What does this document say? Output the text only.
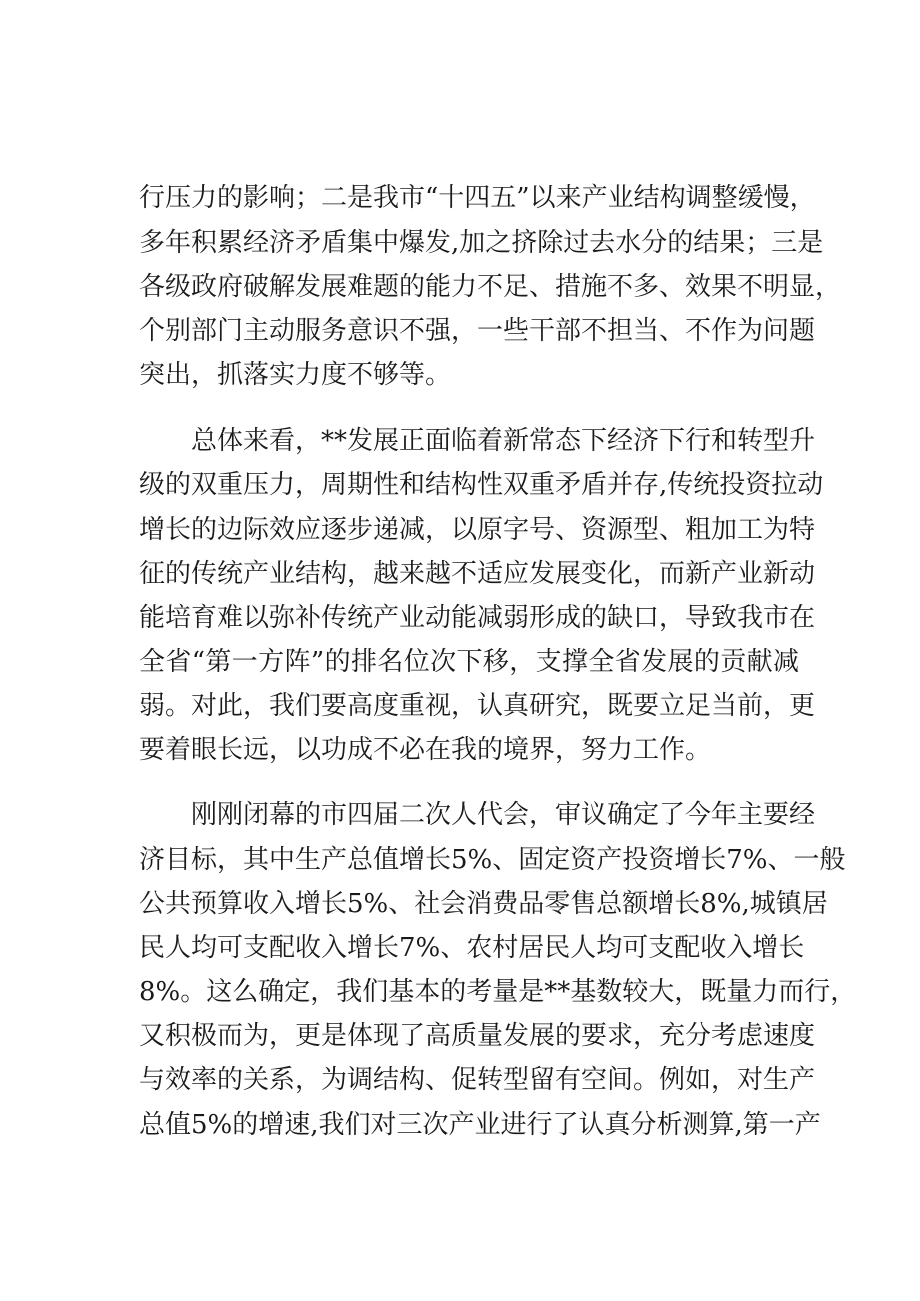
行压力的影响；二是我市“十四五”以来产业结构调整缓慢，

多年积累经济矛盾集中爆发,加之挤除过去水分的结果；三是

各级政府破解发展难题的能力不足、措施不多、效果不明显，

个别部门主动服务意识不强，一些干部不担当、不作为问题

突出，抓落实力度不够等。

总体来看，**发展正面临着新常态下经济下行和转型升

级的双重压力，周期性和结构性双重矛盾并存,传统投资拉动

增长的边际效应逐步递减，以原字号、资源型、粗加工为特

征的传统产业结构，越来越不适应发展变化，而新产业新动

能培育难以弥补传统产业动能减弱形成的缺口，导致我市在

全省“第一方阵”的排名位次下移，支撑全省发展的贡献减

弱。对此，我们要高度重视，认真研究，既要立足当前，更

要着眼长远，以功成不必在我的境界，努力工作。

刚刚闭幕的市四届二次人代会，审议确定了今年主要经

济目标，其中生产总值增长5%、固定资产投资增长7%、一般

公共预算收入增长5%、社会消费品零售总额增长8%,城镇居

民人均可支配收入增长7%、农村居民人均可支配收入增长

8%。这么确定，我们基本的考量是**基数较大，既量力而行，

又积极而为，更是体现了高质量发展的要求，充分考虑速度

与效率的关系，为调结构、促转型留有空间。例如，对生产

总值5%的增速,我们对三次产业进行了认真分析测算,第一产
